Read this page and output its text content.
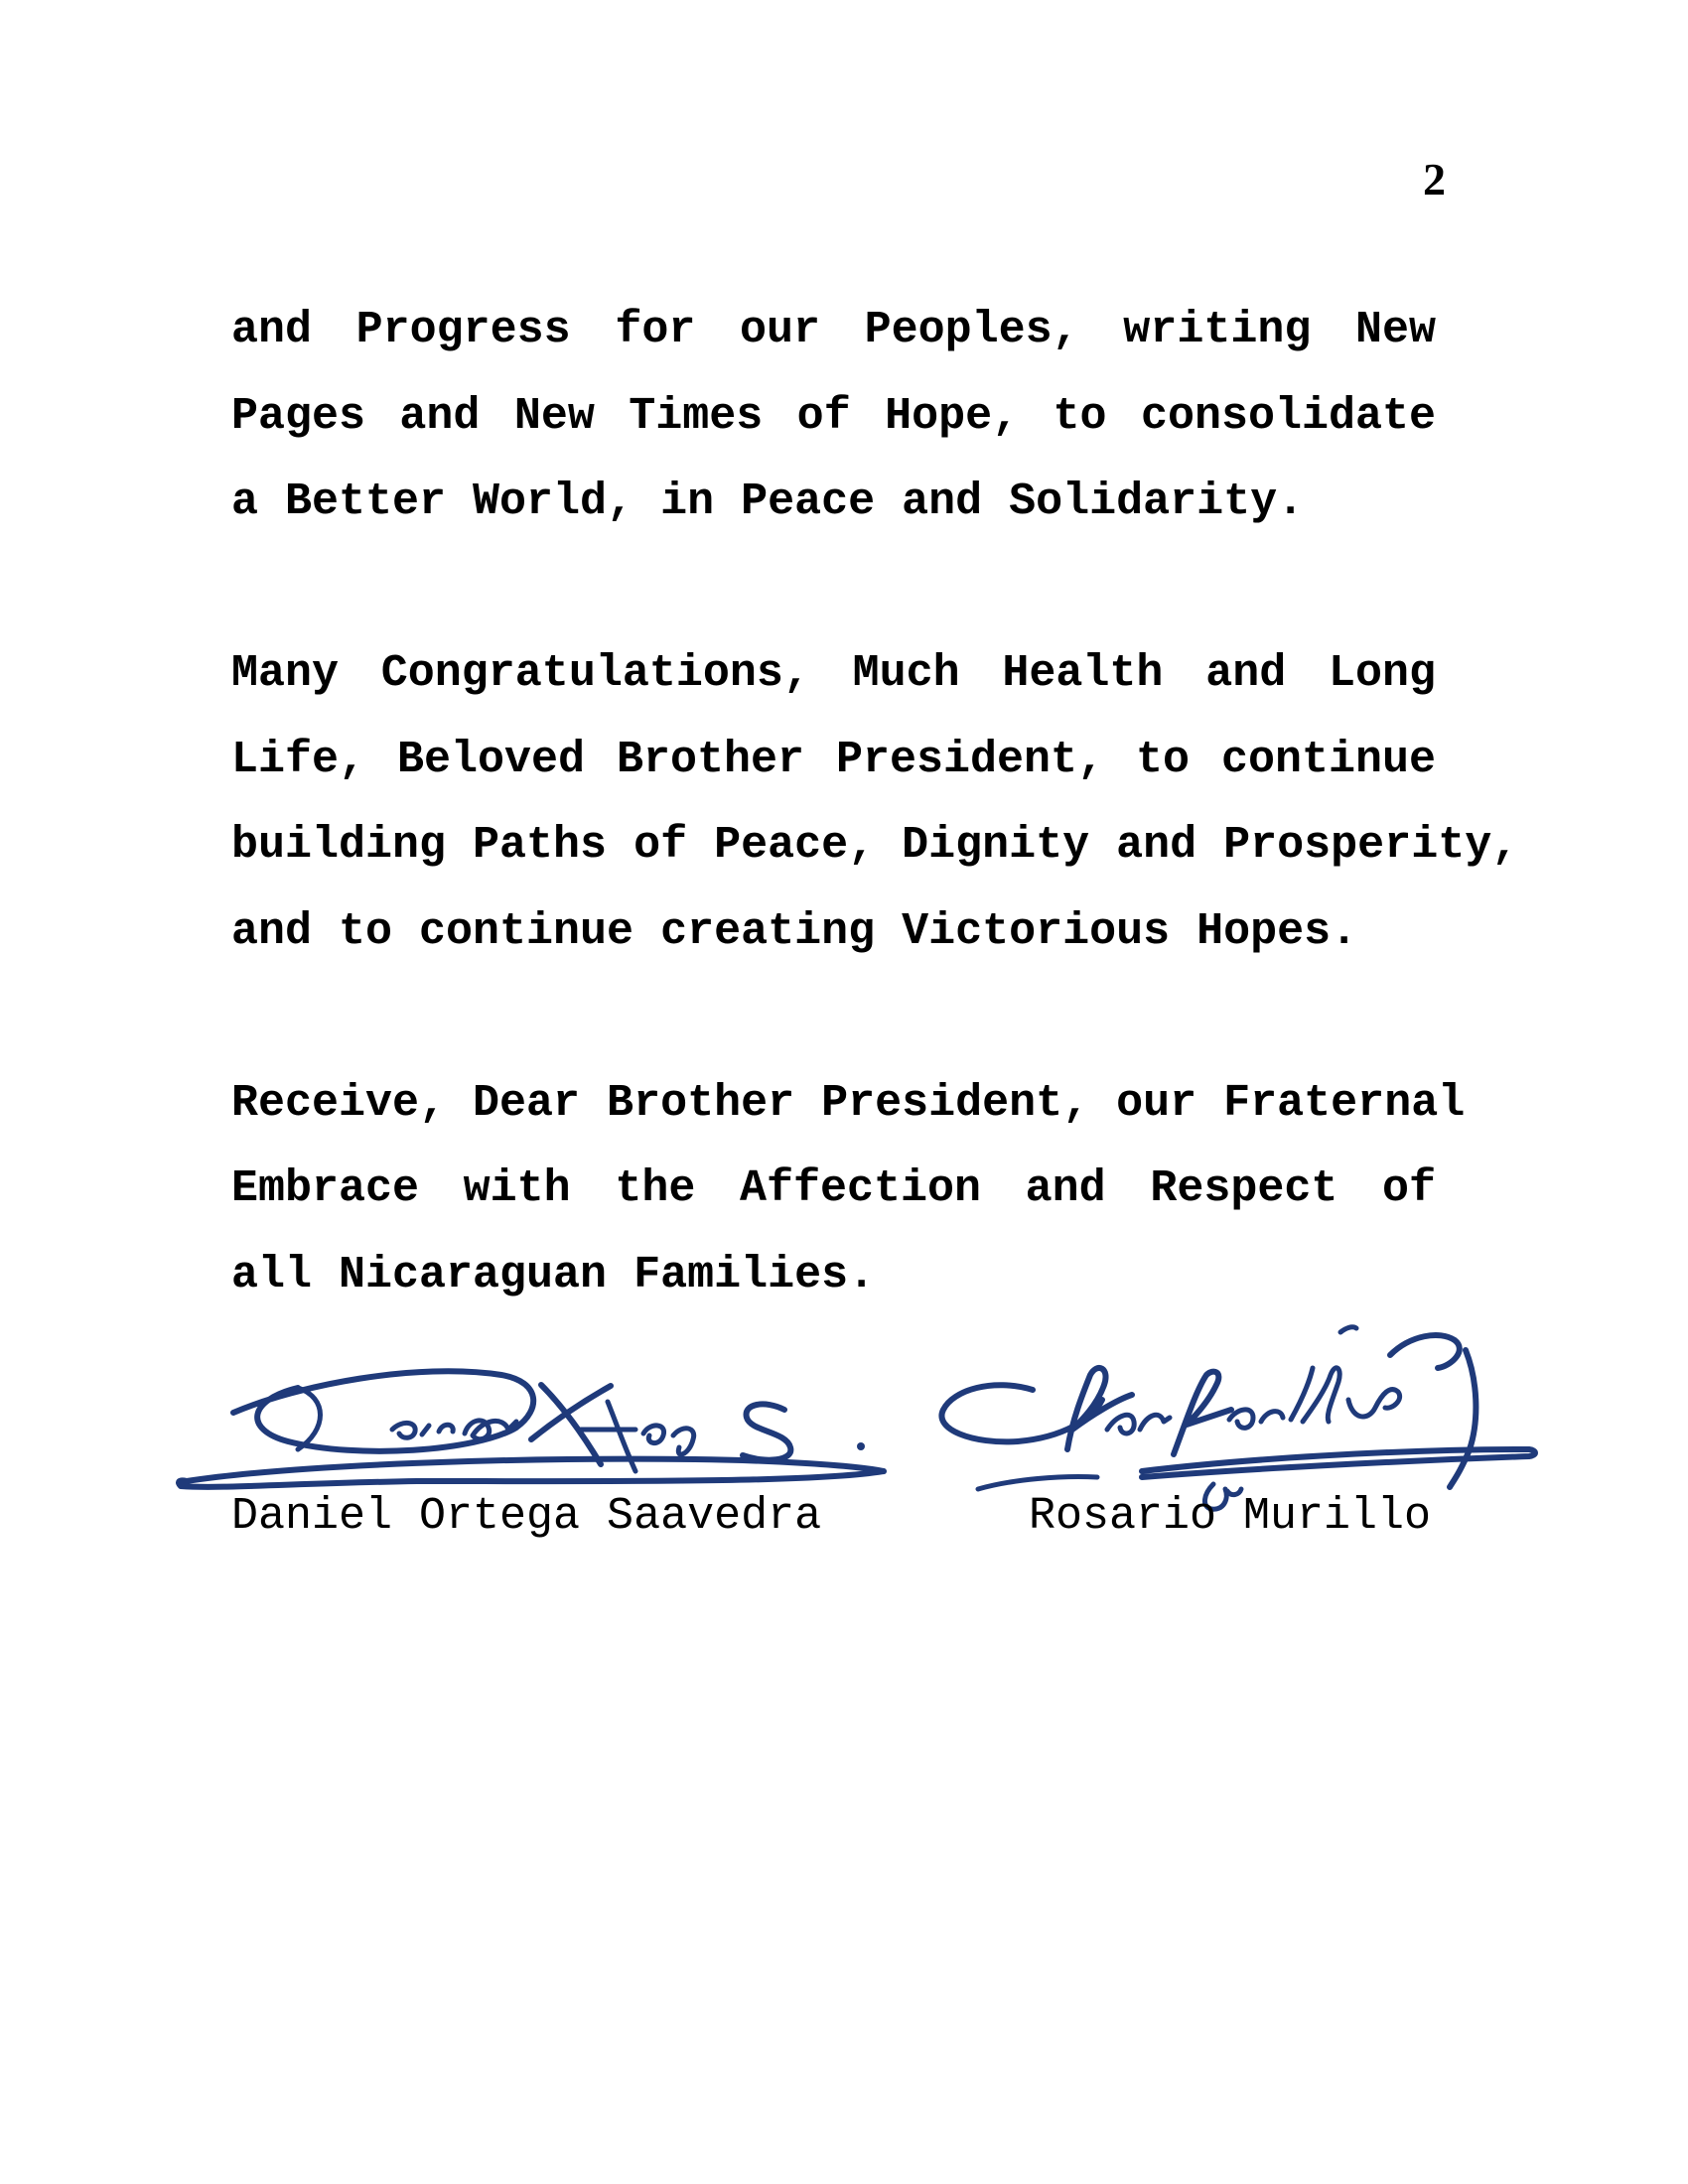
2

and Progress for our Peoples, writing New
Pages and New Times of Hope, to consolidate
a Better World, in Peace and Solidarity.

Many Congratulations, Much Health and Long
Life, Beloved Brother President, to continue
building Paths of Peace, Dignity and Prosperity,
and to continue creating Victorious Hopes.

Receive, Dear Brother President, our Fraternal
Embrace with the Affection and Respect of
all Nicaraguan Families.

Daniel Ortega Saavedra	Rosario Murillo
